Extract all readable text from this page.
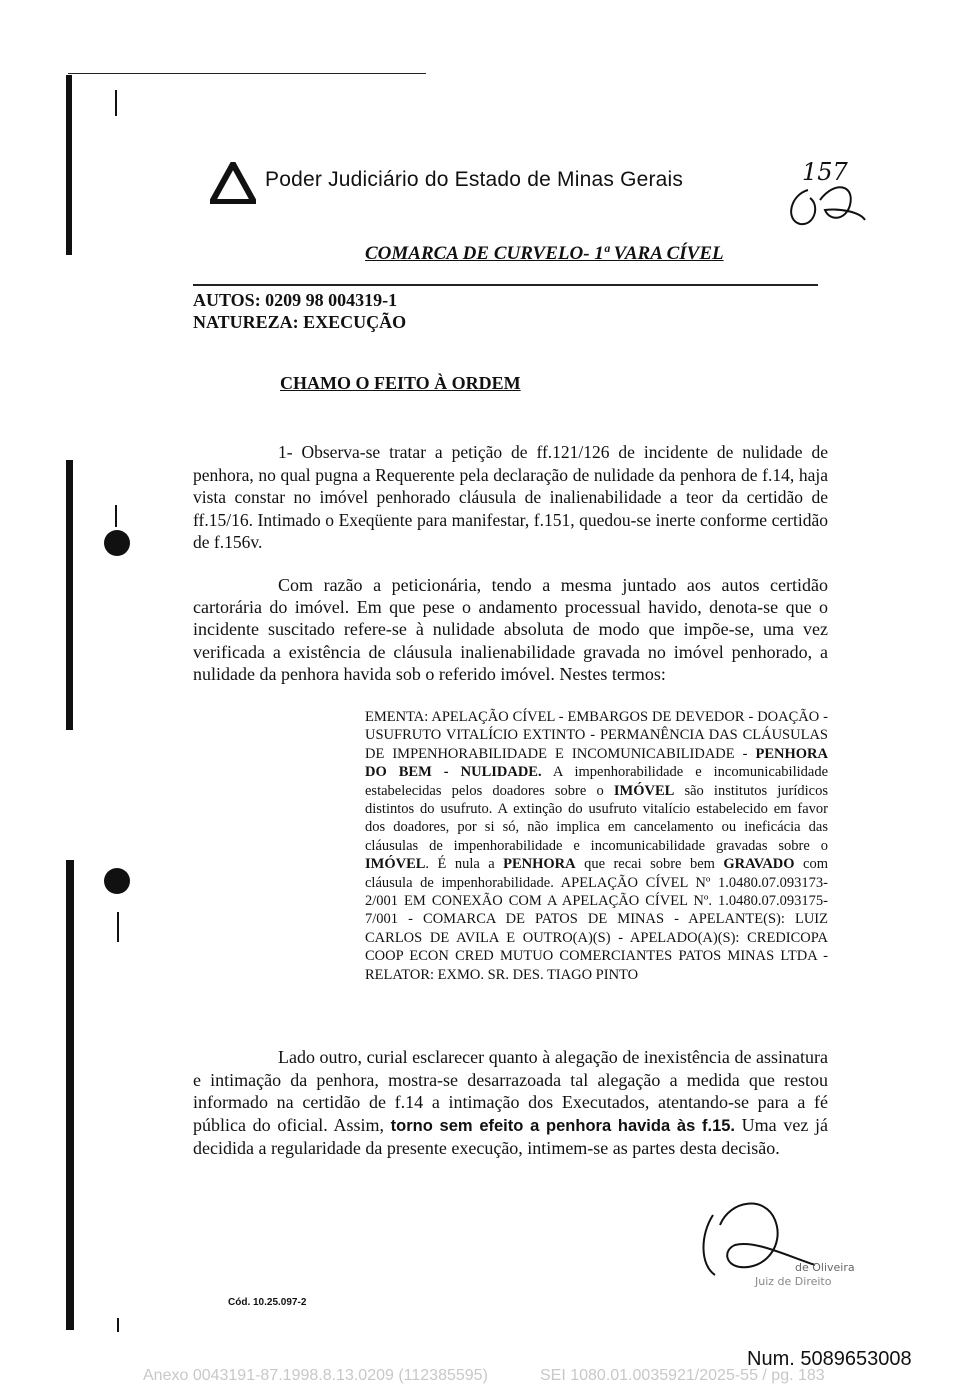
Poder Judiciário do Estado de Minas Gerais	157
COMARCA DE CURVELO- 1ª VARA CÍVEL
AUTOS: 0209 98 004319-1
NATUREZA: EXECUÇÃO
CHAMO O FEITO À ORDEM
1- Observa-se tratar a petição de ff.121/126 de incidente de nulidade de penhora, no qual pugna a Requerente pela declaração de nulidade da penhora de f.14, haja vista constar no imóvel penhorado cláusula de inalienabilidade a teor da certidão de ff.15/16. Intimado o Exeqüente para manifestar, f.151, quedou-se inerte conforme certidão de f.156v.
Com razão a peticionária, tendo a mesma juntado aos autos certidão cartorária do imóvel. Em que pese o andamento processual havido, denota-se que o incidente suscitado refere-se à nulidade absoluta de modo que impõe-se, uma vez verificada a existência de cláusula inalienabilidade gravada no imóvel penhorado, a nulidade da penhora havida sob o referido imóvel. Nestes termos:
EMENTA: APELAÇÃO CÍVEL - EMBARGOS DE DEVEDOR - DOAÇÃO - USUFRUTO VITALÍCIO EXTINTO - PERMANÊNCIA DAS CLÁUSULAS DE IMPENHORABILIDADE E INCOMUNICABILIDADE - PENHORA DO BEM - NULIDADE. A impenhorabilidade e incomunicabilidade estabelecidas pelos doadores sobre o IMÓVEL são institutos jurídicos distintos do usufruto. A extinção do usufruto vitalício estabelecido em favor dos doadores, por si só, não implica em cancelamento ou ineficácia das cláusulas de impenhorabilidade e incomunicabilidade gravadas sobre o IMÓVEL. É nula a PENHORA que recai sobre bem GRAVADO com cláusula de impenhorabilidade. APELAÇÃO CÍVEL Nº 1.0480.07.093173-2/001 EM CONEXÃO COM A APELAÇÃO CÍVEL Nº. 1.0480.07.093175-7/001 - COMARCA DE PATOS DE MINAS - APELANTE(S): LUIZ CARLOS DE AVILA E OUTRO(A)(S) - APELADO(A)(S): CREDICOPA COOP ECON CRED MUTUO COMERCIANTES PATOS MINAS LTDA - RELATOR: EXMO. SR. DES. TIAGO PINTO
Lado outro, curial esclarecer quanto à alegação de inexistência de assinatura e intimação da penhora, mostra-se desarrazoada tal alegação a medida que restou informado na certidão de f.14 a intimação dos Executados, atentando-se para a fé pública do oficial. Assim, torno sem efeito a penhora havida às f.15. Uma vez já decidida a regularidade da presente execução, intimem-se as partes desta decisão.
de Oliveira
Juiz de Direito
Cód. 10.25.097-2
Num. 5089653008
Anexo 0043191-87.1998.8.13.0209 (112385595)	SEI 1080.01.0035921/2025-55 / pg. 183
